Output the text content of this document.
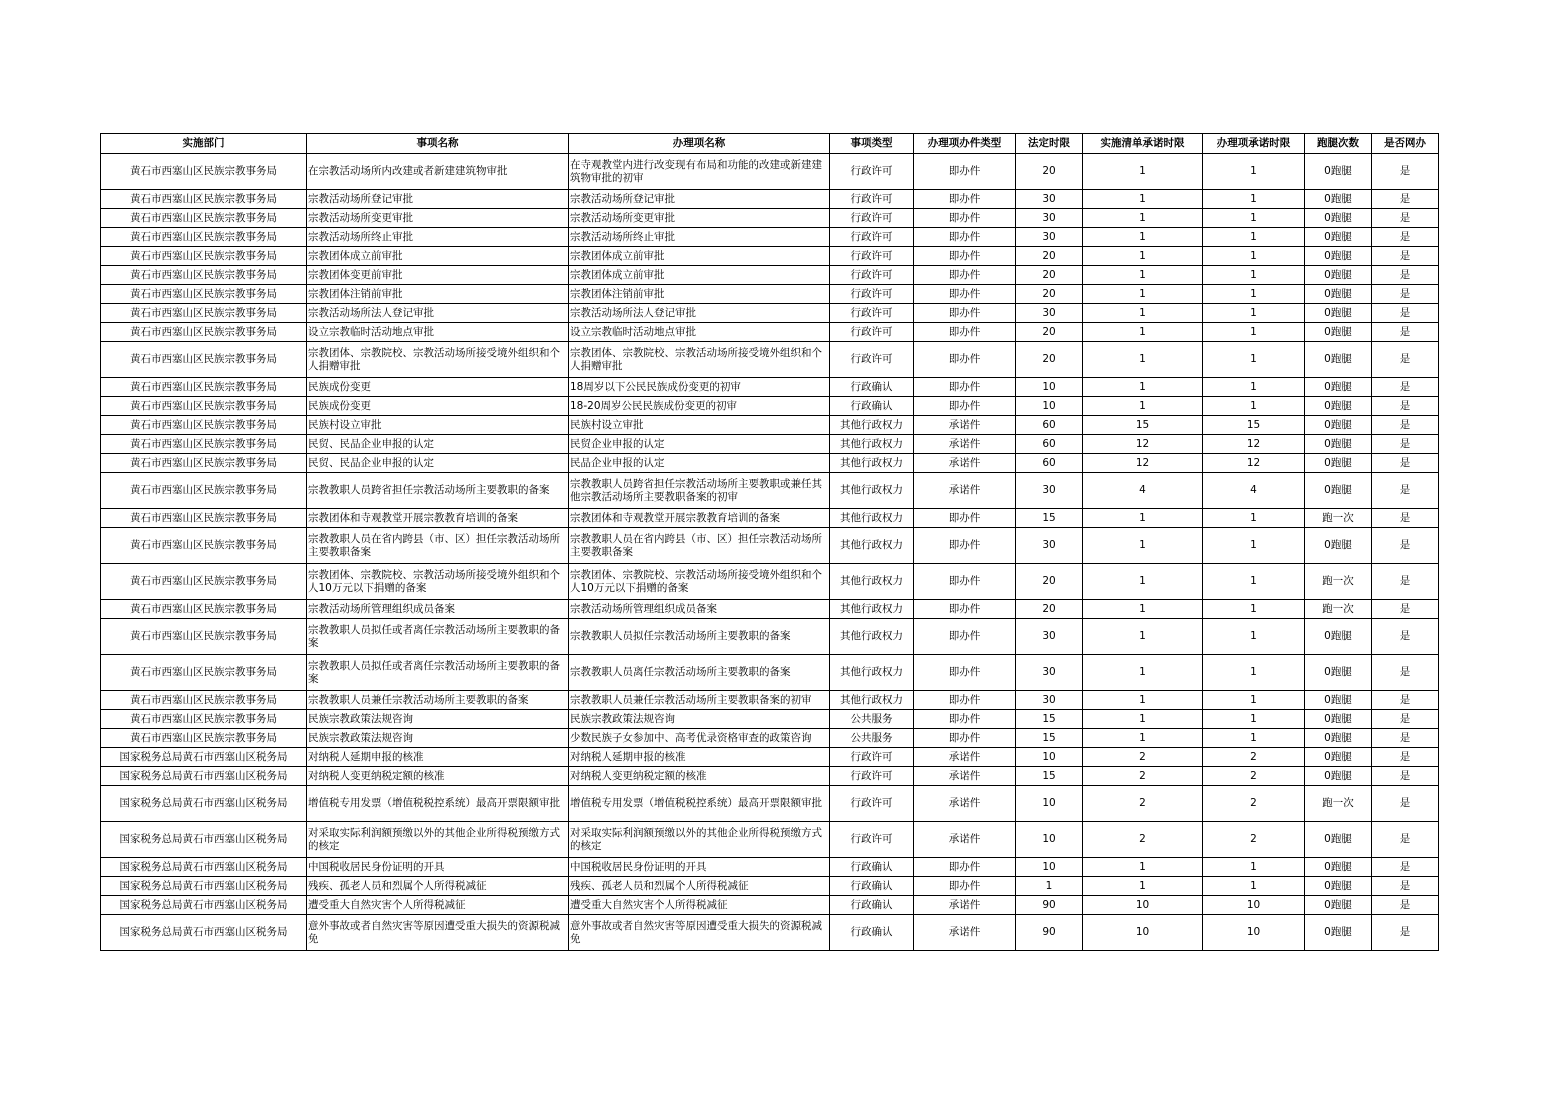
实施部门	事项名称	办理项名称	事项类型	办理项办件类型	法定时限	实施清单承诺时限	办理项承诺时限	跑腿次数	是否网办
黄石市西塞山区民族宗教事务局	在宗教活动场所内改建或者新建建筑物审批	在寺观教堂内进行改变现有布局和功能的改建或新建建筑物审批的初审	行政许可	即办件	20	1	1	0跑腿	是
黄石市西塞山区民族宗教事务局	宗教活动场所登记审批	宗教活动场所登记审批	行政许可	即办件	30	1	1	0跑腿	是
黄石市西塞山区民族宗教事务局	宗教活动场所变更审批	宗教活动场所变更审批	行政许可	即办件	30	1	1	0跑腿	是
黄石市西塞山区民族宗教事务局	宗教活动场所终止审批	宗教活动场所终止审批	行政许可	即办件	30	1	1	0跑腿	是
黄石市西塞山区民族宗教事务局	宗教团体成立前审批	宗教团体成立前审批	行政许可	即办件	20	1	1	0跑腿	是
黄石市西塞山区民族宗教事务局	宗教团体变更前审批	宗教团体成立前审批	行政许可	即办件	20	1	1	0跑腿	是
黄石市西塞山区民族宗教事务局	宗教团体注销前审批	宗教团体注销前审批	行政许可	即办件	20	1	1	0跑腿	是
黄石市西塞山区民族宗教事务局	宗教活动场所法人登记审批	宗教活动场所法人登记审批	行政许可	即办件	30	1	1	0跑腿	是
黄石市西塞山区民族宗教事务局	设立宗教临时活动地点审批	设立宗教临时活动地点审批	行政许可	即办件	20	1	1	0跑腿	是
黄石市西塞山区民族宗教事务局	宗教团体、宗教院校、宗教活动场所接受境外组织和个人捐赠审批	宗教团体、宗教院校、宗教活动场所接受境外组织和个人捐赠审批	行政许可	即办件	20	1	1	0跑腿	是
黄石市西塞山区民族宗教事务局	民族成份变更	18周岁以下公民民族成份变更的初审	行政确认	即办件	10	1	1	0跑腿	是
黄石市西塞山区民族宗教事务局	民族成份变更	18-20周岁公民民族成份变更的初审	行政确认	即办件	10	1	1	0跑腿	是
黄石市西塞山区民族宗教事务局	民族村设立审批	民族村设立审批	其他行政权力	承诺件	60	15	15	0跑腿	是
黄石市西塞山区民族宗教事务局	民贸、民品企业申报的认定	民贸企业申报的认定	其他行政权力	承诺件	60	12	12	0跑腿	是
黄石市西塞山区民族宗教事务局	民贸、民品企业申报的认定	民品企业申报的认定	其他行政权力	承诺件	60	12	12	0跑腿	是
黄石市西塞山区民族宗教事务局	宗教教职人员跨省担任宗教活动场所主要教职的备案	宗教教职人员跨省担任宗教活动场所主要教职或兼任其他宗教活动场所主要教职备案的初审	其他行政权力	承诺件	30	4	4	0跑腿	是
黄石市西塞山区民族宗教事务局	宗教团体和寺观教堂开展宗教教育培训的备案	宗教团体和寺观教堂开展宗教教育培训的备案	其他行政权力	即办件	15	1	1	跑一次	是
黄石市西塞山区民族宗教事务局	宗教教职人员在省内跨县（市、区）担任宗教活动场所主要教职备案	宗教教职人员在省内跨县（市、区）担任宗教活动场所主要教职备案	其他行政权力	即办件	30	1	1	0跑腿	是
黄石市西塞山区民族宗教事务局	宗教团体、宗教院校、宗教活动场所接受境外组织和个人10万元以下捐赠的备案	宗教团体、宗教院校、宗教活动场所接受境外组织和个人10万元以下捐赠的备案	其他行政权力	即办件	20	1	1	跑一次	是
黄石市西塞山区民族宗教事务局	宗教活动场所管理组织成员备案	宗教活动场所管理组织成员备案	其他行政权力	即办件	20	1	1	跑一次	是
黄石市西塞山区民族宗教事务局	宗教教职人员拟任或者离任宗教活动场所主要教职的备案	宗教教职人员拟任宗教活动场所主要教职的备案	其他行政权力	即办件	30	1	1	0跑腿	是
黄石市西塞山区民族宗教事务局	宗教教职人员拟任或者离任宗教活动场所主要教职的备案	宗教教职人员离任宗教活动场所主要教职的备案	其他行政权力	即办件	30	1	1	0跑腿	是
黄石市西塞山区民族宗教事务局	宗教教职人员兼任宗教活动场所主要教职的备案	宗教教职人员兼任宗教活动场所主要教职备案的初审	其他行政权力	即办件	30	1	1	0跑腿	是
黄石市西塞山区民族宗教事务局	民族宗教政策法规咨询	民族宗教政策法规咨询	公共服务	即办件	15	1	1	0跑腿	是
黄石市西塞山区民族宗教事务局	民族宗教政策法规咨询	少数民族子女参加中、高考优录资格审查的政策咨询	公共服务	即办件	15	1	1	0跑腿	是
国家税务总局黄石市西塞山区税务局	对纳税人延期申报的核准	对纳税人延期申报的核准	行政许可	承诺件	10	2	2	0跑腿	是
国家税务总局黄石市西塞山区税务局	对纳税人变更纳税定额的核准	对纳税人变更纳税定额的核准	行政许可	承诺件	15	2	2	0跑腿	是
国家税务总局黄石市西塞山区税务局	增值税专用发票（增值税税控系统）最高开票限额审批	增值税专用发票（增值税税控系统）最高开票限额审批	行政许可	承诺件	10	2	2	跑一次	是
国家税务总局黄石市西塞山区税务局	对采取实际利润额预缴以外的其他企业所得税预缴方式的核定	对采取实际利润额预缴以外的其他企业所得税预缴方式的核定	行政许可	承诺件	10	2	2	0跑腿	是
国家税务总局黄石市西塞山区税务局	中国税收居民身份证明的开具	中国税收居民身份证明的开具	行政确认	即办件	10	1	1	0跑腿	是
国家税务总局黄石市西塞山区税务局	残疾、孤老人员和烈属个人所得税减征	残疾、孤老人员和烈属个人所得税减征	行政确认	即办件	1	1	1	0跑腿	是
国家税务总局黄石市西塞山区税务局	遭受重大自然灾害个人所得税减征	遭受重大自然灾害个人所得税减征	行政确认	承诺件	90	10	10	0跑腿	是
国家税务总局黄石市西塞山区税务局	意外事故或者自然灾害等原因遭受重大损失的资源税减免	意外事故或者自然灾害等原因遭受重大损失的资源税减免	行政确认	承诺件	90	10	10	0跑腿	是
